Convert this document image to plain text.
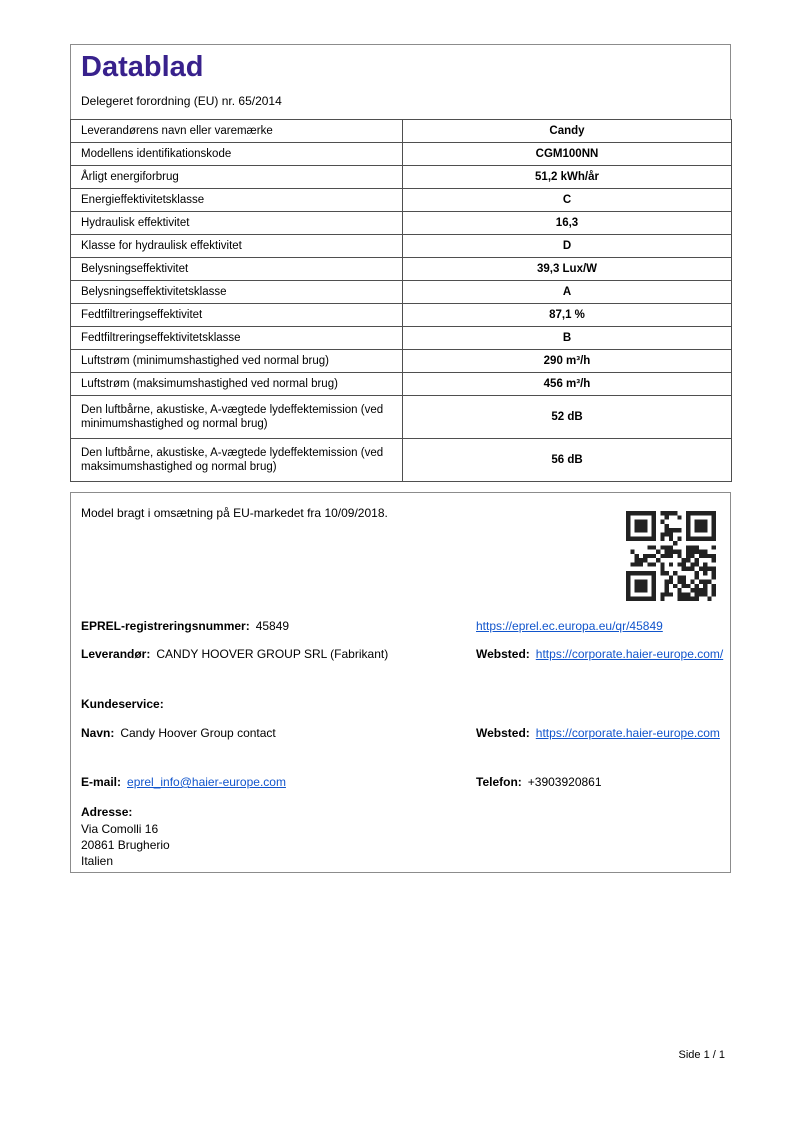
Datablad
Delegeret forordning (EU) nr. 65/2014
Leverandørens navn eller varemærke	Candy
Modellens identifikationskode	CGM100NN
Årligt energiforbrug	51,2 kWh/år
Energieffektivitetsklasse	C
Hydraulisk effektivitet	16,3
Klasse for hydraulisk effektivitet	D
Belysningseffektivitet	39,3 Lux/W
Belysningseffektivitetsklasse	A
Fedtfiltreringseffektivitet	87,1 %
Fedtfiltreringseffektivitetsklasse	B
Luftstrøm (minimumshastighed ved normal brug)	290 m³/h
Luftstrøm (maksimumshastighed ved normal brug)	456 m³/h
Den luftbårne, akustiske, A-vægtede lydeffektemission (ved minimumshastighed og normal brug)	52 dB
Den luftbårne, akustiske, A-vægtede lydeffektemission (ved maksimumshastighed og normal brug)	56 dB
Model bragt i omsætning på EU-markedet fra 10/09/2018.
EPREL-registreringsnummer: 45849	https://eprel.ec.europa.eu/qr/45849
Leverandør: CANDY HOOVER GROUP SRL (Fabrikant)	Websted: https://corporate.haier-europe.com/
Kundeservice:
Navn: Candy Hoover Group contact	Websted: https://corporate.haier-europe.com
E-mail: eprel_info@haier-europe.com	Telefon: +3903920861
Adresse:
Via Comolli 16
20861 Brugherio
Italien
Side 1 / 1
